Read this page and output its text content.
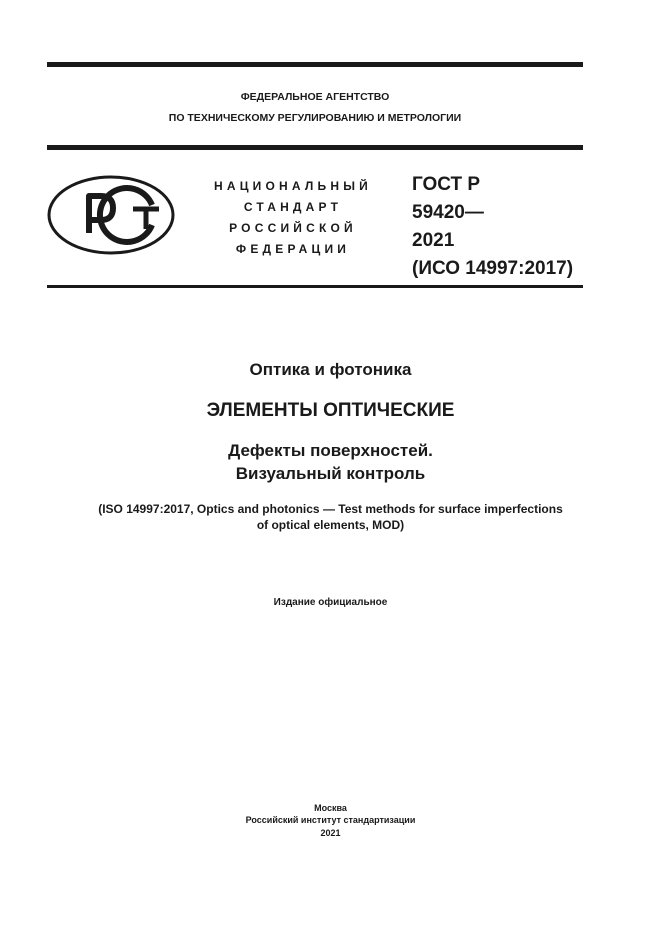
ФЕДЕРАЛЬНОЕ АГЕНТСТВО
ПО ТЕХНИЧЕСКОМУ РЕГУЛИРОВАНИЮ И МЕТРОЛОГИИ
НАЦИОНАЛЬНЫЙ
СТАНДАРТ
РОССИЙСКОЙ
ФЕДЕРАЦИИ
ГОСТ Р
59420—
2021
(ИСО 14997:2017)
Оптика и фотоника
ЭЛЕМЕНТЫ ОПТИЧЕСКИЕ
Дефекты поверхностей.
Визуальный контроль
(ISO 14997:2017, Optics and photonics — Test methods for surface imperfections
of optical elements, MOD)
Издание официальное
Москва
Российский институт стандартизации
2021
